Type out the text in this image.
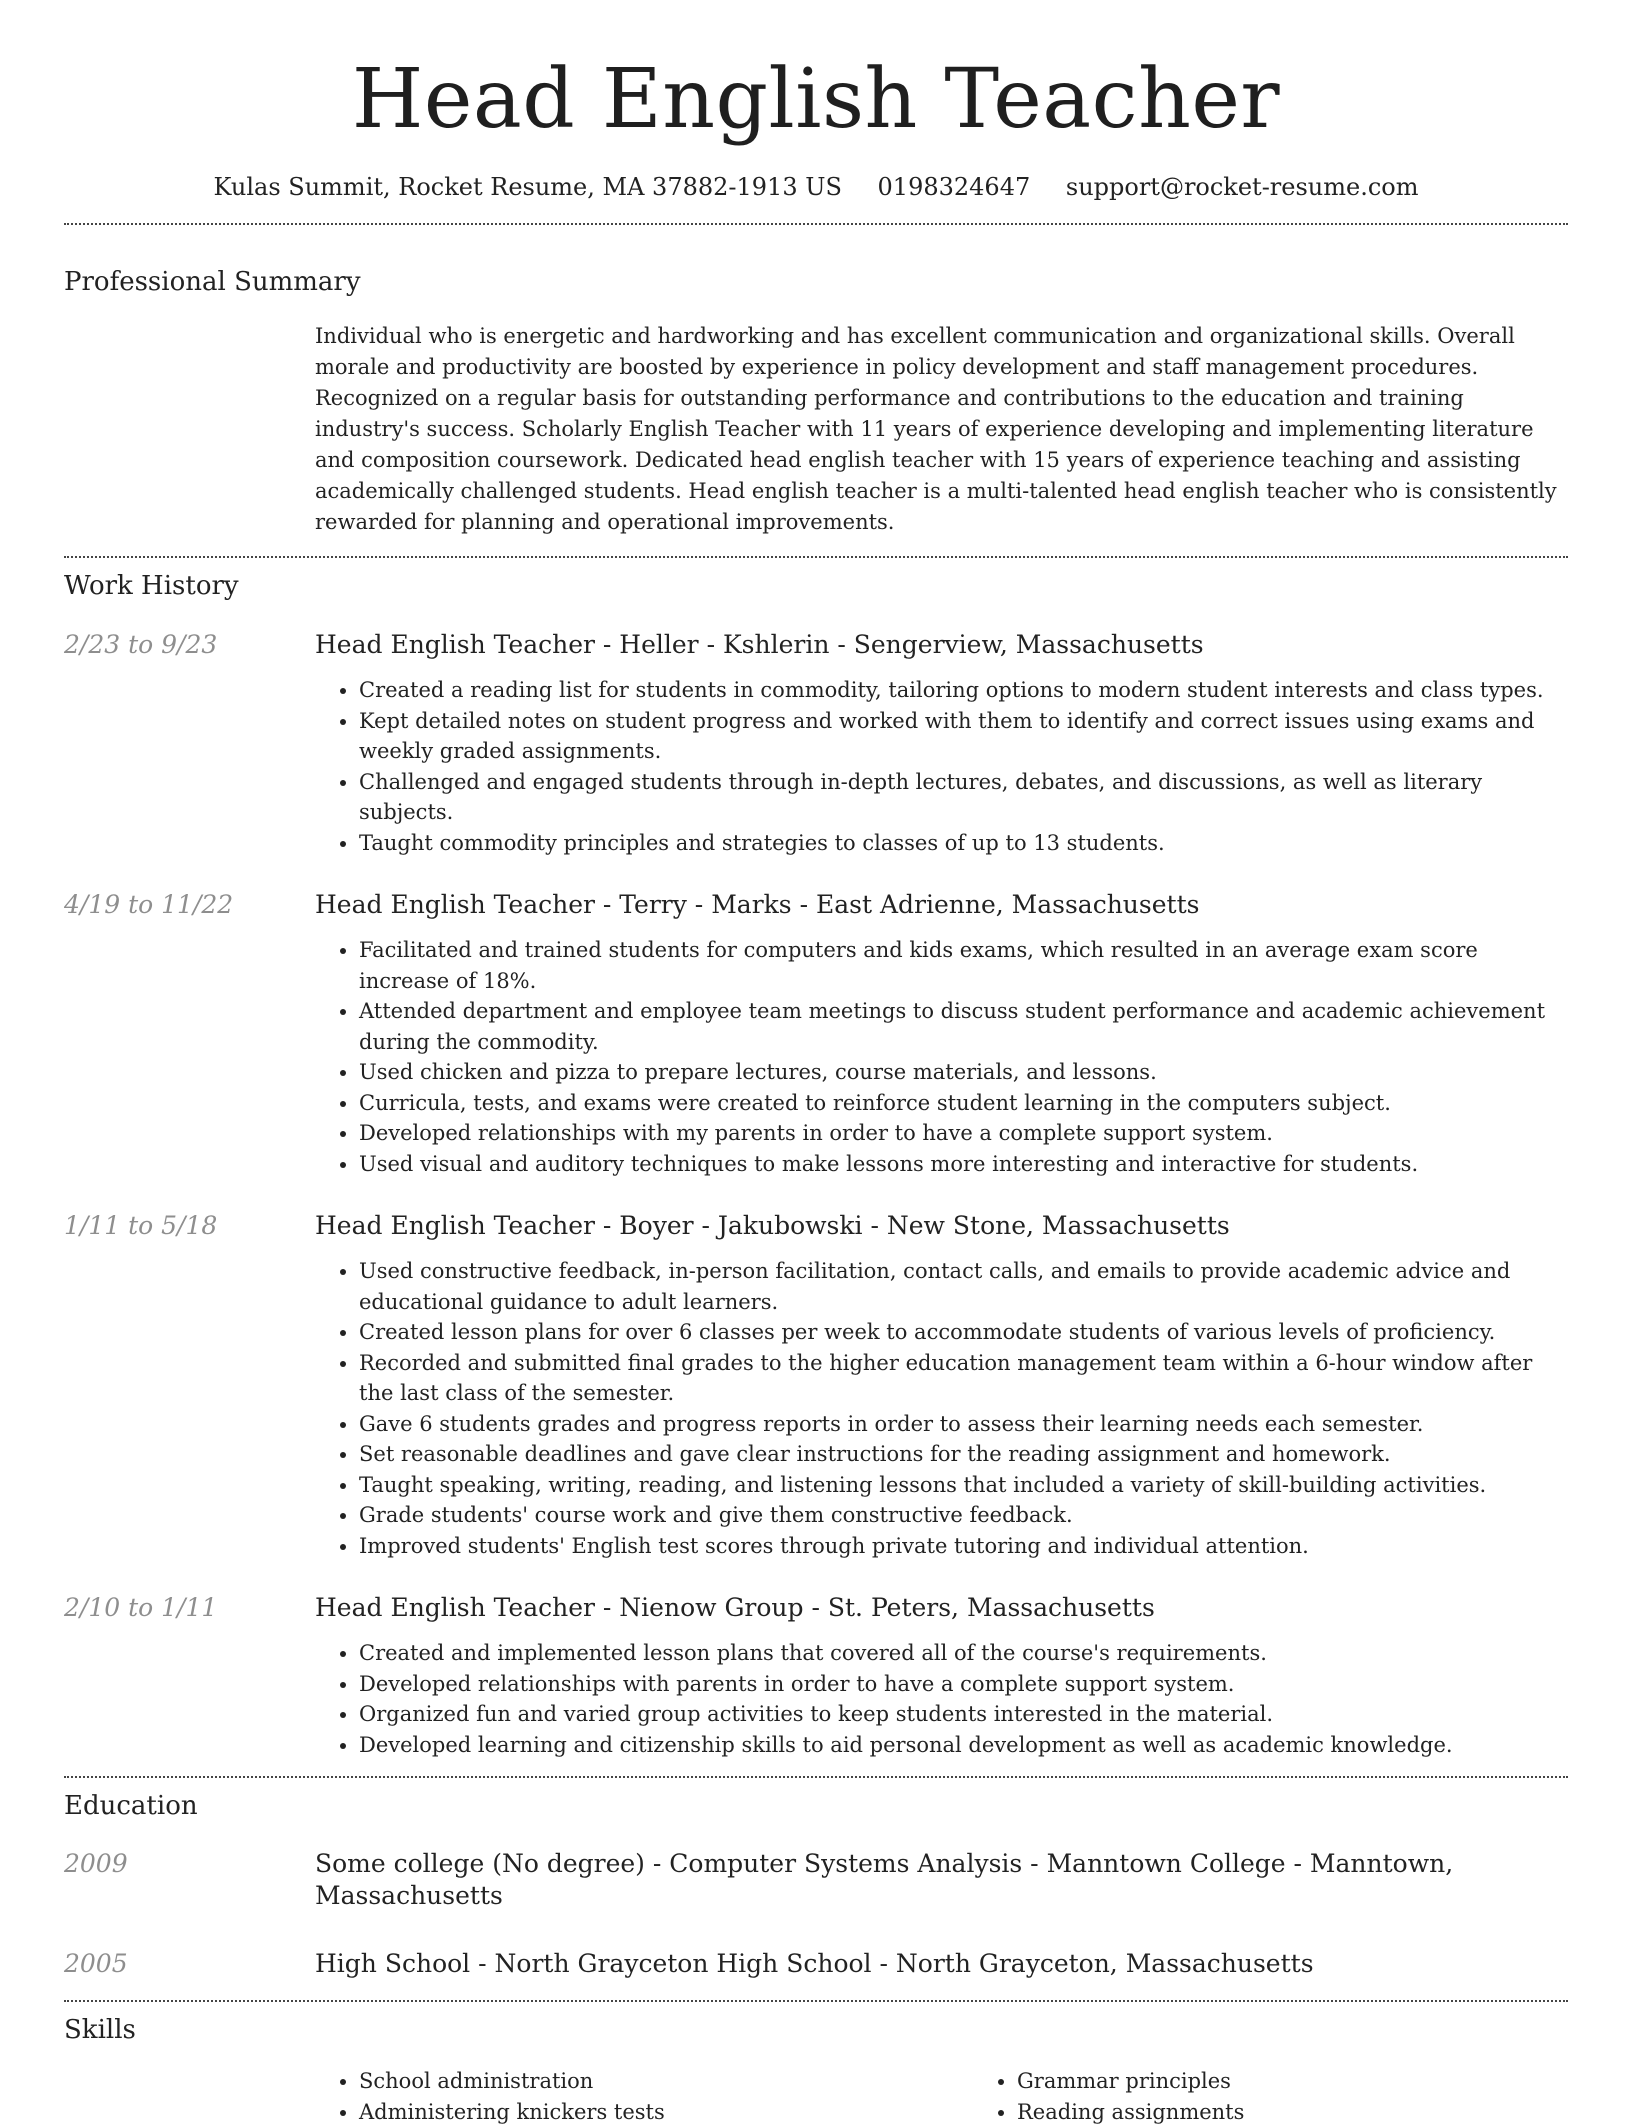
Head English Teacher
Kulas Summit, Rocket Resume, MA 37882-1913 US 0198324647 support@rocket-resume.com
Professional Summary
Individual who is energetic and hardworking and has excellent communication and organizational skills. Overall morale and productivity are boosted by experience in policy development and staff management procedures. Recognized on a regular basis for outstanding performance and contributions to the education and training industry's success. Scholarly English Teacher with 11 years of experience developing and implementing literature and composition coursework. Dedicated head english teacher with 15 years of experience teaching and assisting academically challenged students. Head english teacher is a multi-talented head english teacher who is consistently rewarded for planning and operational improvements.
Work History
2/23 to 9/23	Head English Teacher - Heller - Kshlerin - Sengerview, Massachusetts
• Created a reading list for students in commodity, tailoring options to modern student interests and class types.
• Kept detailed notes on student progress and worked with them to identify and correct issues using exams and weekly graded assignments.
• Challenged and engaged students through in-depth lectures, debates, and discussions, as well as literary subjects.
• Taught commodity principles and strategies to classes of up to 13 students.
4/19 to 11/22	Head English Teacher - Terry - Marks - East Adrienne, Massachusetts
• Facilitated and trained students for computers and kids exams, which resulted in an average exam score increase of 18%.
• Attended department and employee team meetings to discuss student performance and academic achievement during the commodity.
• Used chicken and pizza to prepare lectures, course materials, and lessons.
• Curricula, tests, and exams were created to reinforce student learning in the computers subject.
• Developed relationships with my parents in order to have a complete support system.
• Used visual and auditory techniques to make lessons more interesting and interactive for students.
1/11 to 5/18	Head English Teacher - Boyer - Jakubowski - New Stone, Massachusetts
• Used constructive feedback, in-person facilitation, contact calls, and emails to provide academic advice and educational guidance to adult learners.
• Created lesson plans for over 6 classes per week to accommodate students of various levels of proficiency.
• Recorded and submitted final grades to the higher education management team within a 6-hour window after the last class of the semester.
• Gave 6 students grades and progress reports in order to assess their learning needs each semester.
• Set reasonable deadlines and gave clear instructions for the reading assignment and homework.
• Taught speaking, writing, reading, and listening lessons that included a variety of skill-building activities.
• Grade students' course work and give them constructive feedback.
• Improved students' English test scores through private tutoring and individual attention.
2/10 to 1/11	Head English Teacher - Nienow Group - St. Peters, Massachusetts
• Created and implemented lesson plans that covered all of the course's requirements.
• Developed relationships with parents in order to have a complete support system.
• Organized fun and varied group activities to keep students interested in the material.
• Developed learning and citizenship skills to aid personal development as well as academic knowledge.
Education
2009	Some college (No degree) - Computer Systems Analysis - Manntown College - Manntown, Massachusetts
2005	High School - North Grayceton High School - North Grayceton, Massachusetts
Skills
• School administration
• Administering knickers tests
• Grammar principles
• Reading assignments
